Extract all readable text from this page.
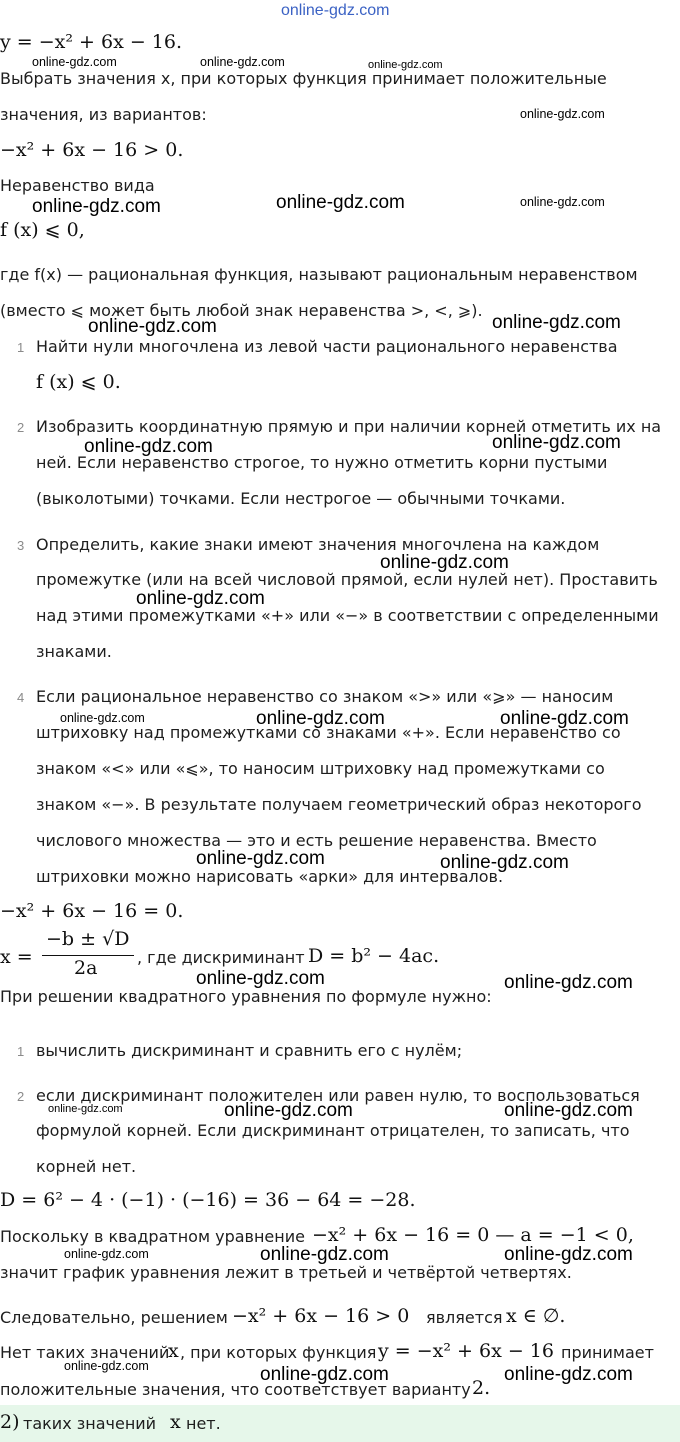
online-gdz.com
y = −x² + 6x − 16.
Выбрать значения x, при которых функция принимает положительные
значения, из вариантов:
−x² + 6x − 16 > 0.
Неравенство вида
f (x) ⩽ 0,
где f(x) — рациональная функция, называют рациональным неравенством
(вместо ⩽ может быть любой знак неравенства >, <, ⩾).
1 Найти нули многочлена из левой части рационального неравенства
f (x) ⩽ 0.
2 Изобразить координатную прямую и при наличии корней отметить их на
ней. Если неравенство строгое, то нужно отметить корни пустыми
(выколотыми) точками. Если нестрогое — обычными точками.
3 Определить, какие знаки имеют значения многочлена на каждом
промежутке (или на всей числовой прямой, если нулей нет). Проставить
над этими промежутками «+» или «−» в соответствии с определенными
знаками.
4 Если рациональное неравенство со знаком «>» или «⩾» — наносим
штриховку над промежутками со знаками «+». Если неравенство со
знаком «<» или «⩽», то наносим штриховку над промежутками со
знаком «−». В результате получаем геометрический образ некоторого
числового множества — это и есть решение неравенства. Вместо
штриховки можно нарисовать «арки» для интервалов.
−x² + 6x − 16 = 0.
x =
−b ± √D
2a , где дискриминант D = b² − 4ac.
При решении квадратного уравнения по формуле нужно:
1 вычислить дискриминант и сравнить его с нулём;
2 если дискриминант положителен или равен нулю, то воспользоваться
формулой корней. Если дискриминант отрицателен, то записать, что
корней нет.
D = 6² − 4 · (−1) · (−16) = 36 − 64 = −28.
Поскольку в квадратном уравнение −x² + 6x − 16 = 0 — a = −1 < 0,
значит график уравнения лежит в третьей и четвёртой четвертях.
Следовательно, решением −x² + 6x − 16 > 0 является x ∈ ∅.
Нет таких значений
x , при которых функция y = −x² + 6x − 16 принимает
положительные значения, что соответствует варианту 2.
2) таких значений x нет.
online-gdz.com	online-gdz.com	online-gdz.com
online-gdz.com
online-gdz.com	online-gdz.com	online-gdz.com
online-gdz.com
online-gdz.com
online-gdz.com	online-gdz.com
online-gdz.com
online-gdz.com
online-gdz.com	online-gdz.com	online-gdz.com
online-gdz.com	online-gdz.com
online-gdz.com	online-gdz.com
online-gdz.com	online-gdz.com	online-gdz.com
online-gdz.com	online-gdz.com	online-gdz.com
online-gdz.com	online-gdz.com	online-gdz.com
